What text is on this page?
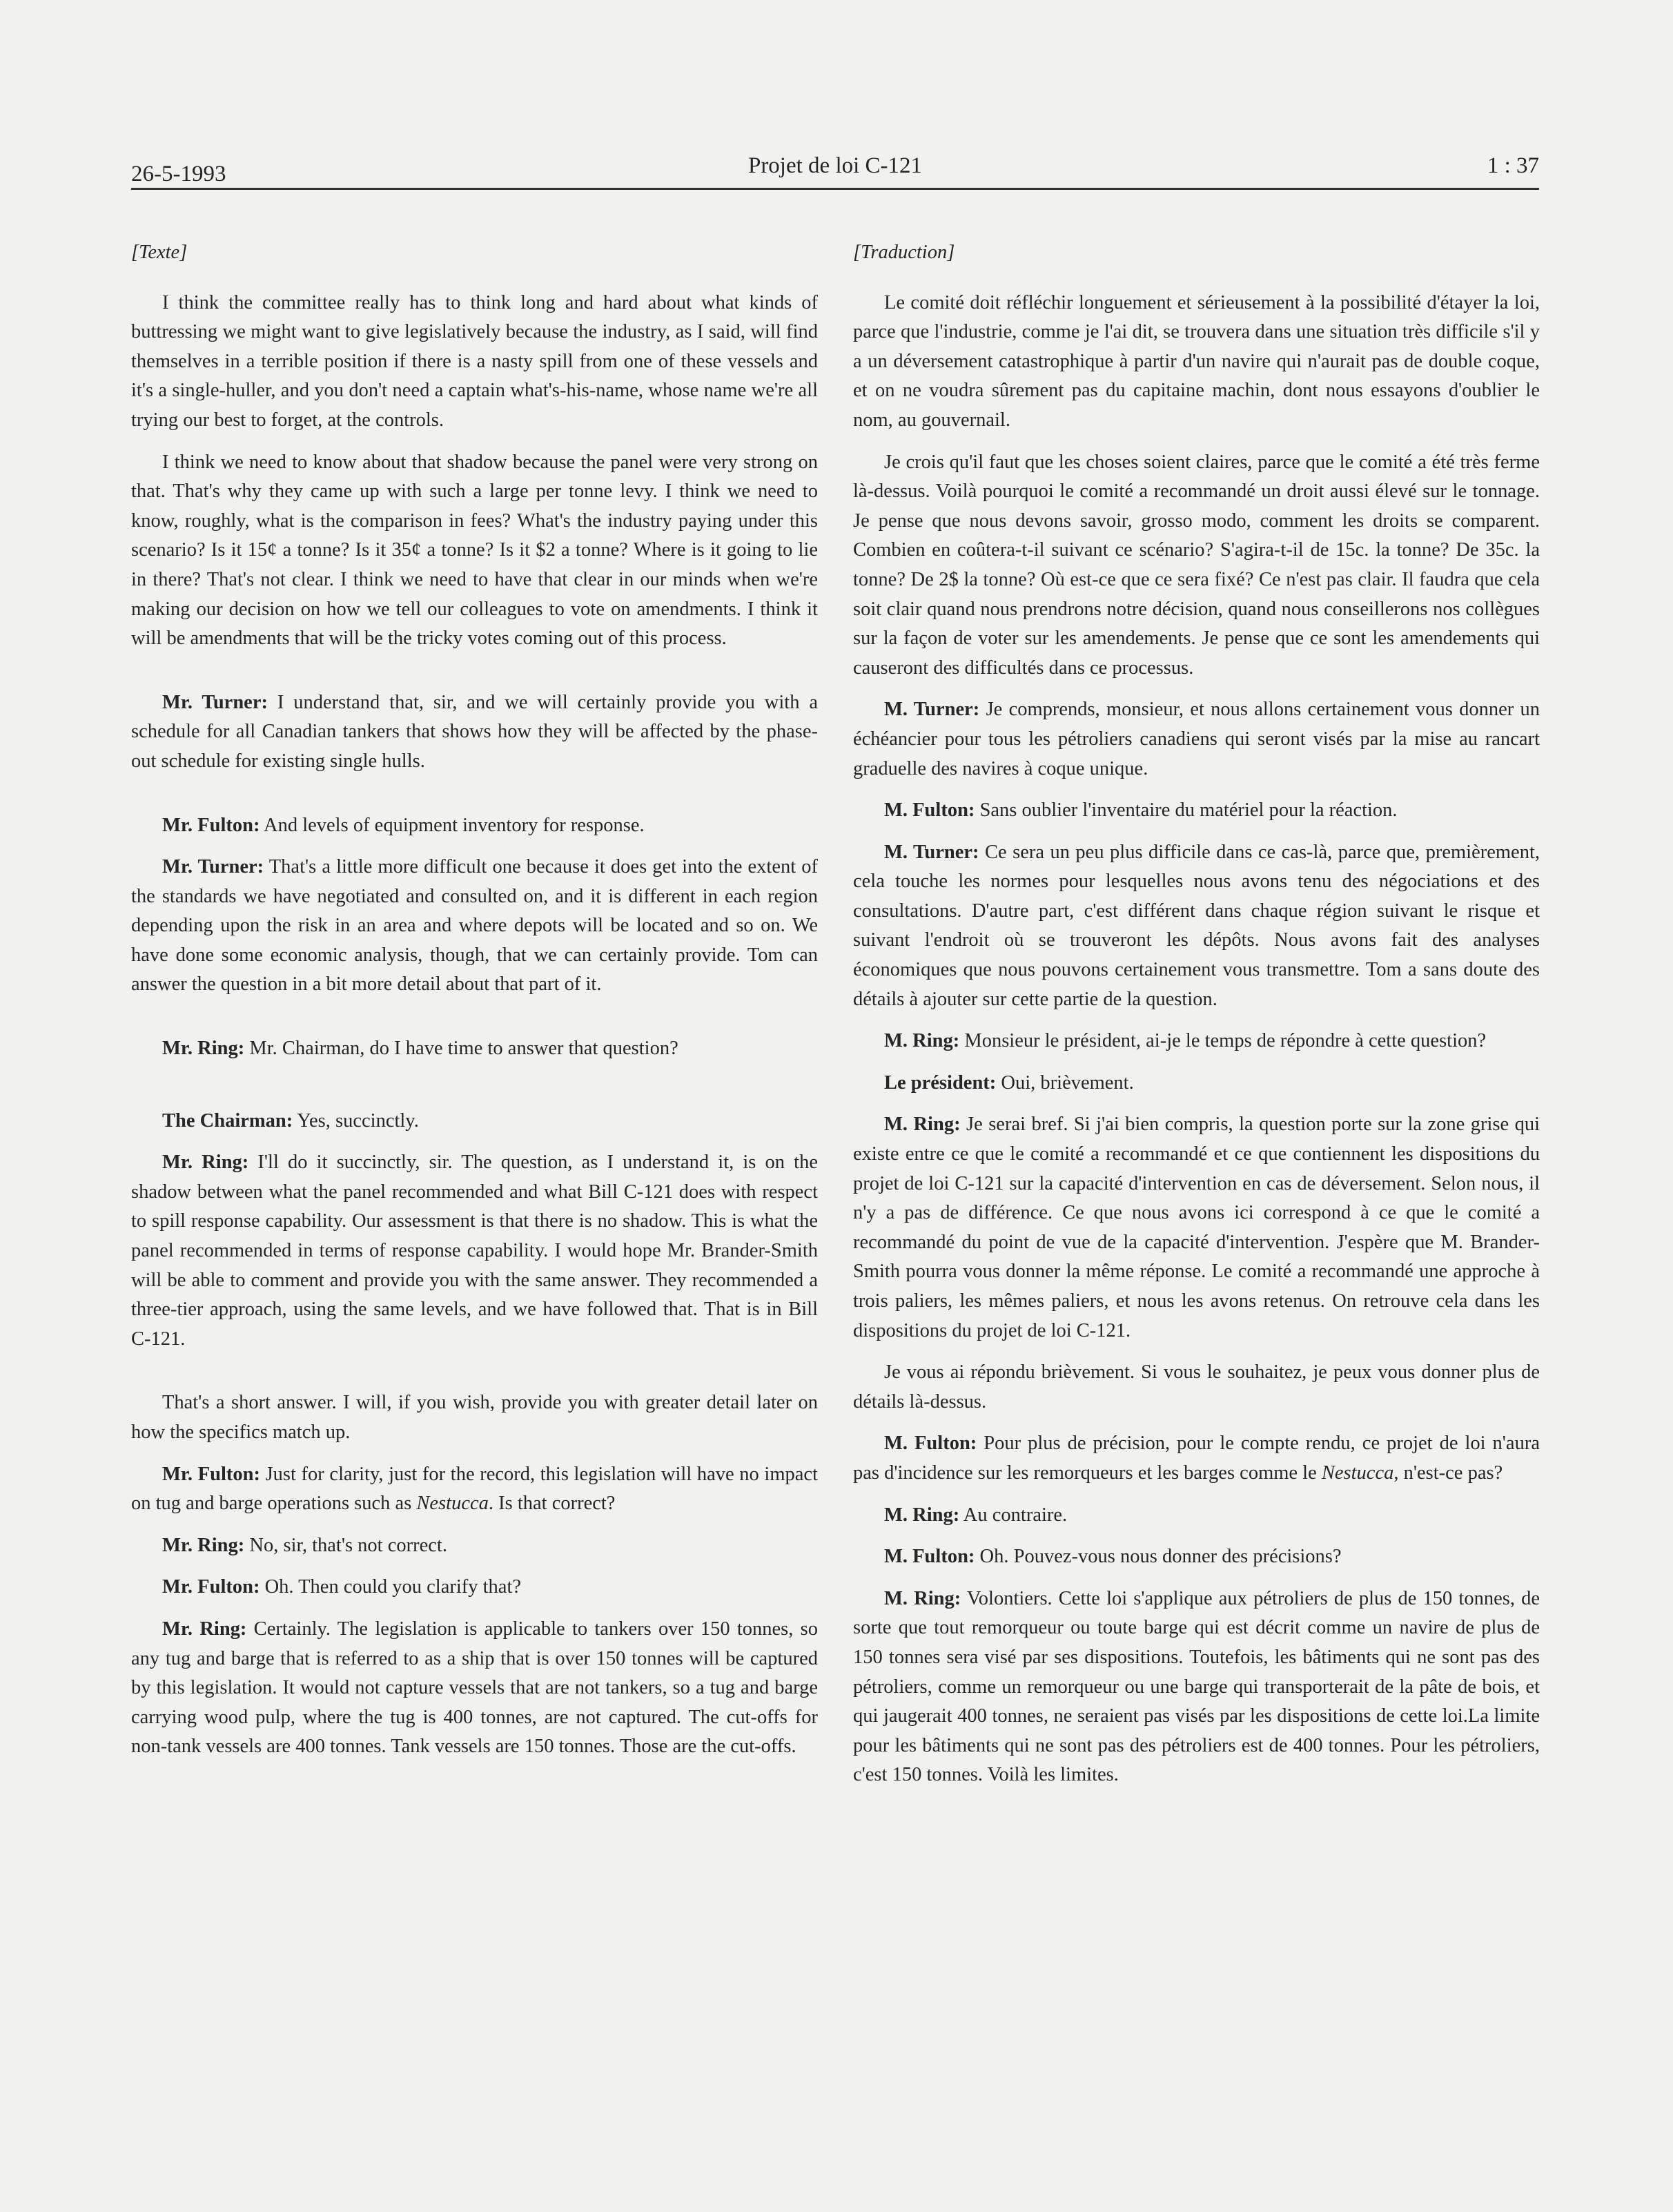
26-5-1993	Projet de loi C-121	1 : 37
[Texte]

I think the committee really has to think long and hard about what kinds of buttressing we might want to give legislatively because the industry, as I said, will find themselves in a terrible position if there is a nasty spill from one of these vessels and it's a single-huller, and you don't need a captain what's-his-name, whose name we're all trying our best to forget, at the controls.

I think we need to know about that shadow because the panel were very strong on that. That's why they came up with such a large per tonne levy. I think we need to know, roughly, what is the comparison in fees? What's the industry paying under this scenario? Is it 15¢ a tonne? Is it 35¢ a tonne? Is it $2 a tonne? Where is it going to lie in there? That's not clear. I think we need to have that clear in our minds when we're making our decision on how we tell our colleagues to vote on amendments. I think it will be amendments that will be the tricky votes coming out of this process.

Mr. Turner: I understand that, sir, and we will certainly provide you with a schedule for all Canadian tankers that shows how they will be affected by the phase-out schedule for existing single hulls.

Mr. Fulton: And levels of equipment inventory for response.

Mr. Turner: That's a little more difficult one because it does get into the extent of the standards we have negotiated and consulted on, and it is different in each region depending upon the risk in an area and where depots will be located and so on. We have done some economic analysis, though, that we can certainly provide. Tom can answer the question in a bit more detail about that part of it.

Mr. Ring: Mr. Chairman, do I have time to answer that question?

The Chairman: Yes, succinctly.

Mr. Ring: I'll do it succinctly, sir. The question, as I understand it, is on the shadow between what the panel recommended and what Bill C-121 does with respect to spill response capability. Our assessment is that there is no shadow. This is what the panel recommended in terms of response capability. I would hope Mr. Brander-Smith will be able to comment and provide you with the same answer. They recommended a three-tier approach, using the same levels, and we have followed that. That is in Bill C-121.

That's a short answer. I will, if you wish, provide you with greater detail later on how the specifics match up.

Mr. Fulton: Just for clarity, just for the record, this legislation will have no impact on tug and barge operations such as Nestucca. Is that correct?

Mr. Ring: No, sir, that's not correct.

Mr. Fulton: Oh. Then could you clarify that?

Mr. Ring: Certainly. The legislation is applicable to tankers over 150 tonnes, so any tug and barge that is referred to as a ship that is over 150 tonnes will be captured by this legislation. It would not capture vessels that are not tankers, so a tug and barge carrying wood pulp, where the tug is 400 tonnes, are not captured. The cut-offs for non-tank vessels are 400 tonnes. Tank vessels are 150 tonnes. Those are the cut-offs.

[Traduction]

Le comité doit réfléchir longuement et sérieusement à la possibilité d'étayer la loi, parce que l'industrie, comme je l'ai dit, se trouvera dans une situation très difficile s'il y a un déversement catastrophique à partir d'un navire qui n'aurait pas de double coque, et on ne voudra sûrement pas du capitaine machin, dont nous essayons d'oublier le nom, au gouvernail.

Je crois qu'il faut que les choses soient claires, parce que le comité a été très ferme là-dessus. Voilà pourquoi le comité a recommandé un droit aussi élevé sur le tonnage. Je pense que nous devons savoir, grosso modo, comment les droits se comparent. Combien en coûtera-t-il suivant ce scénario? S'agira-t-il de 15c. la tonne? De 35c. la tonne? De 2$ la tonne? Où est-ce que ce sera fixé? Ce n'est pas clair. Il faudra que cela soit clair quand nous prendrons notre décision, quand nous conseillerons nos collègues sur la façon de voter sur les amendements. Je pense que ce sont les amendements qui causeront des difficultés dans ce processus.

M. Turner: Je comprends, monsieur, et nous allons certainement vous donner un échéancier pour tous les pétroliers canadiens qui seront visés par la mise au rancart graduelle des navires à coque unique.

M. Fulton: Sans oublier l'inventaire du matériel pour la réaction.

M. Turner: Ce sera un peu plus difficile dans ce cas-là, parce que, premièrement, cela touche les normes pour lesquelles nous avons tenu des négociations et des consultations. D'autre part, c'est différent dans chaque région suivant le risque et suivant l'endroit où se trouveront les dépôts. Nous avons fait des analyses économiques que nous pouvons certainement vous transmettre. Tom a sans doute des détails à ajouter sur cette partie de la question.

M. Ring: Monsieur le président, ai-je le temps de répondre à cette question?

Le président: Oui, brièvement.

M. Ring: Je serai bref. Si j'ai bien compris, la question porte sur la zone grise qui existe entre ce que le comité a recommandé et ce que contiennent les dispositions du projet de loi C-121 sur la capacité d'intervention en cas de déversement. Selon nous, il n'y a pas de différence. Ce que nous avons ici correspond à ce que le comité a recommandé du point de vue de la capacité d'intervention. J'espère que M. Brander-Smith pourra vous donner la même réponse. Le comité a recommandé une approche à trois paliers, les mêmes paliers, et nous les avons retenus. On retrouve cela dans les dispositions du projet de loi C-121.

Je vous ai répondu brièvement. Si vous le souhaitez, je peux vous donner plus de détails là-dessus.

M. Fulton: Pour plus de précision, pour le compte rendu, ce projet de loi n'aura pas d'incidence sur les remorqueurs et les barges comme le Nestucca, n'est-ce pas?

M. Ring: Au contraire.

M. Fulton: Oh. Pouvez-vous nous donner des précisions?

M. Ring: Volontiers. Cette loi s'applique aux pétroliers de plus de 150 tonnes, de sorte que tout remorqueur ou toute barge qui est décrit comme un navire de plus de 150 tonnes sera visé par ses dispositions. Toutefois, les bâtiments qui ne sont pas des pétroliers, comme un remorqueur ou une barge qui transporterait de la pâte de bois, et qui jaugerait 400 tonnes, ne seraient pas visés par les dispositions de cette loi.La limite pour les bâtiments qui ne sont pas des pétroliers est de 400 tonnes. Pour les pétroliers, c'est 150 tonnes. Voilà les limites.
